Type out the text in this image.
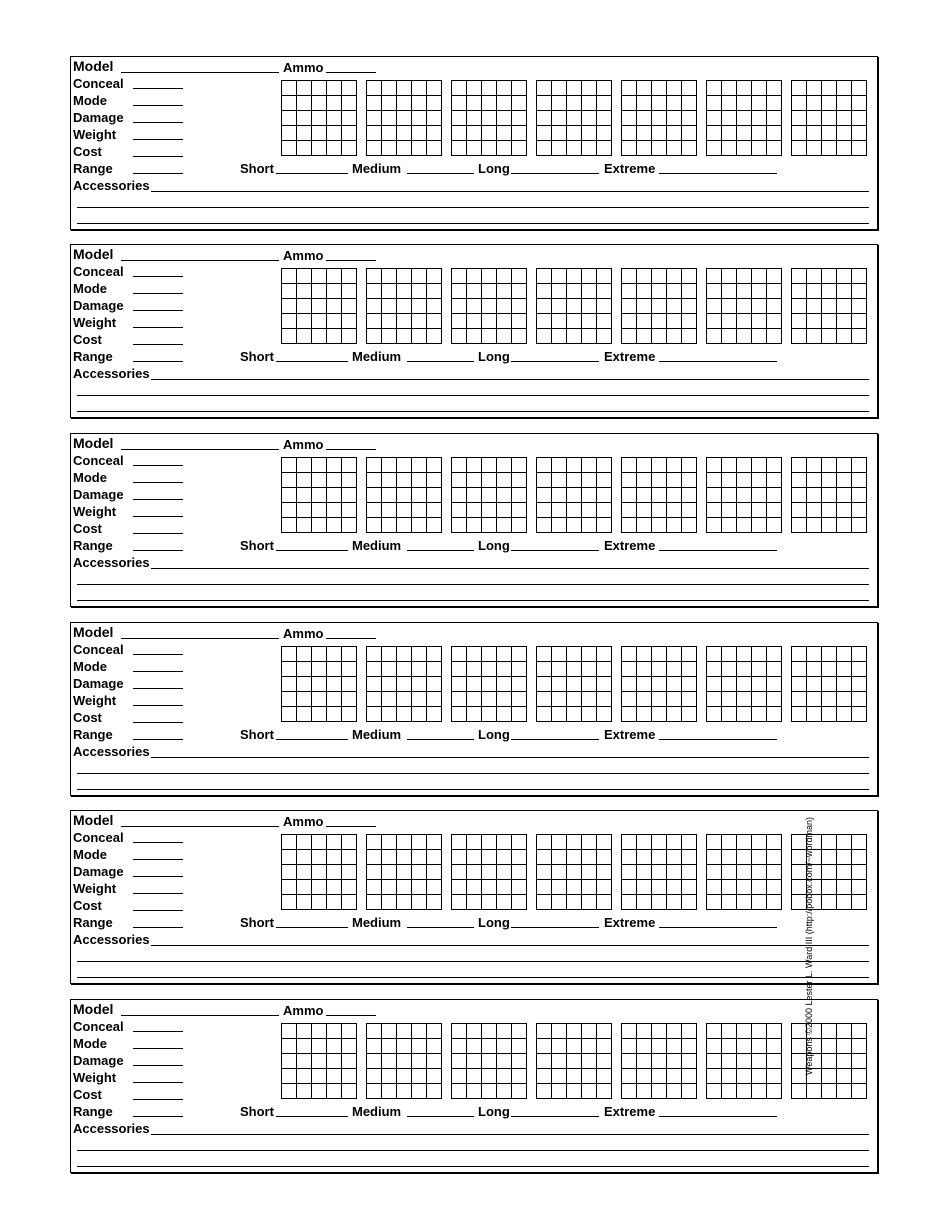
Model	Ammo
Conceal
Mode
Damage
Weight
Cost
Range	Short	Medium	Long	Extreme
Accessories
Model	Ammo
Conceal
Mode
Damage
Weight
Cost
Range	Short	Medium	Long	Extreme
Accessories
Model	Ammo
Conceal
Mode
Damage
Weight
Cost
Range	Short	Medium	Long	Extreme
Accessories
Model	Ammo
Conceal
Mode
Damage
Weight
Cost
Range	Short	Medium	Long	Extreme
Accessories
Model	Ammo
Conceal
Mode
Damage
Weight
Cost
Range	Short	Medium	Long	Extreme
Accessories
Model	Ammo
Conceal
Mode
Damage
Weight
Cost
Range	Short	Medium	Long	Extreme
Accessories
Weapons ©2000 Lester L. Ward III (http://pobox.com/~wordman)
